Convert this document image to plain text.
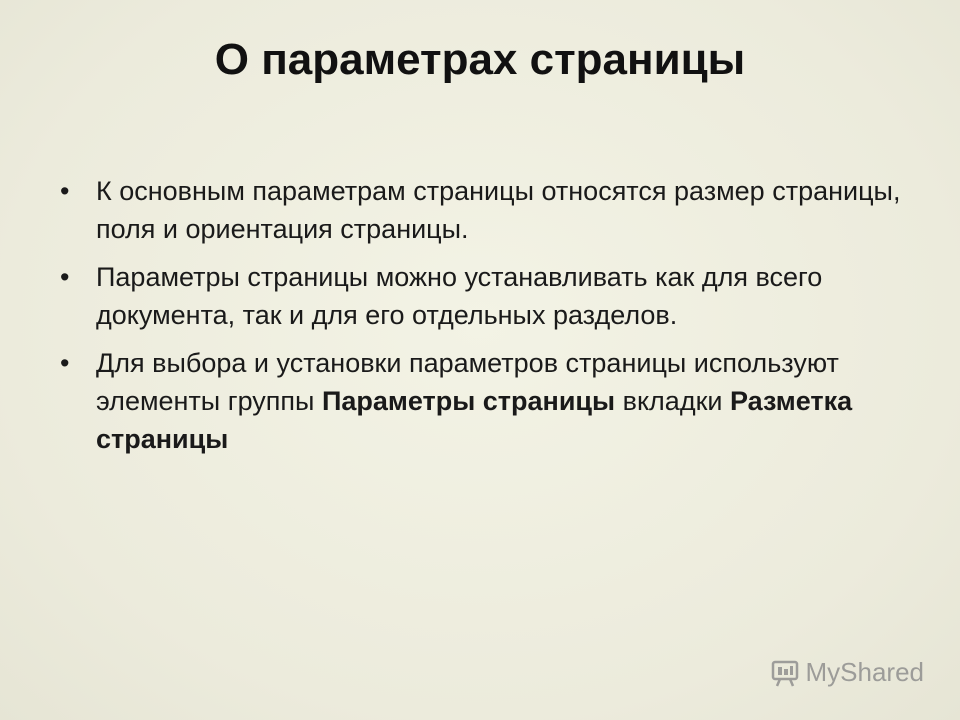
О параметрах страницы
• К основным параметрам страницы относятся размер страницы, поля и ориентация страницы.
• Параметры страницы можно устанавливать как для всего документа, так и для его отдельных разделов.
• Для выбора и установки параметров страницы используют элементы группы Параметры страницы вкладки Разметка страницы
MyShared
